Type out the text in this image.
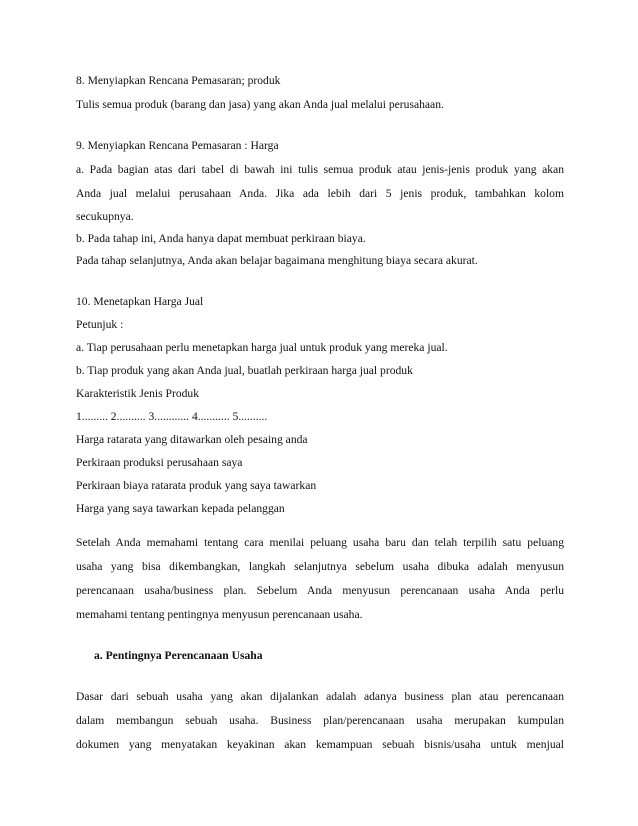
8. Menyiapkan Rencana Pemasaran; produk
Tulis semua produk (barang dan jasa) yang akan Anda jual melalui perusahaan.
9. Menyiapkan Rencana Pemasaran : Harga
a. Pada bagian atas dari tabel di bawah ini tulis semua produk atau jenis-jenis produk yang akan
Anda jual melalui perusahaan Anda. Jika ada lebih dari 5 jenis produk, tambahkan kolom
secukupnya.
b. Pada tahap ini, Anda hanya dapat membuat perkiraan biaya.
Pada tahap selanjutnya, Anda akan belajar bagaimana menghitung biaya secara akurat.
10. Menetapkan Harga Jual
Petunjuk :
a. Tiap perusahaan perlu menetapkan harga jual untuk produk yang mereka jual.
b. Tiap produk yang akan Anda jual, buatlah perkiraan harga jual produk
Karakteristik Jenis Produk
1......... 2.......... 3............ 4........... 5..........
Harga ratarata yang ditawarkan oleh pesaing anda
Perkiraan produksi perusahaan saya
Perkiraan biaya ratarata produk yang saya tawarkan
Harga yang saya tawarkan kepada pelanggan
Setelah Anda memahami tentang cara menilai peluang usaha baru dan telah terpilih satu peluang
usaha yang bisa dikembangkan, langkah selanjutnya sebelum usaha dibuka adalah menyusun
perencanaan usaha/business plan. Sebelum Anda menyusun perencanaan usaha Anda perlu
memahami tentang pentingnya menyusun perencanaan usaha.
a. Pentingnya Perencanaan Usaha
Dasar dari sebuah usaha yang akan dijalankan adalah adanya business plan atau perencanaan
dalam membangun sebuah usaha. Business plan/perencanaan usaha merupakan kumpulan
dokumen yang menyatakan keyakinan akan kemampuan sebuah bisnis/usaha untuk menjual
